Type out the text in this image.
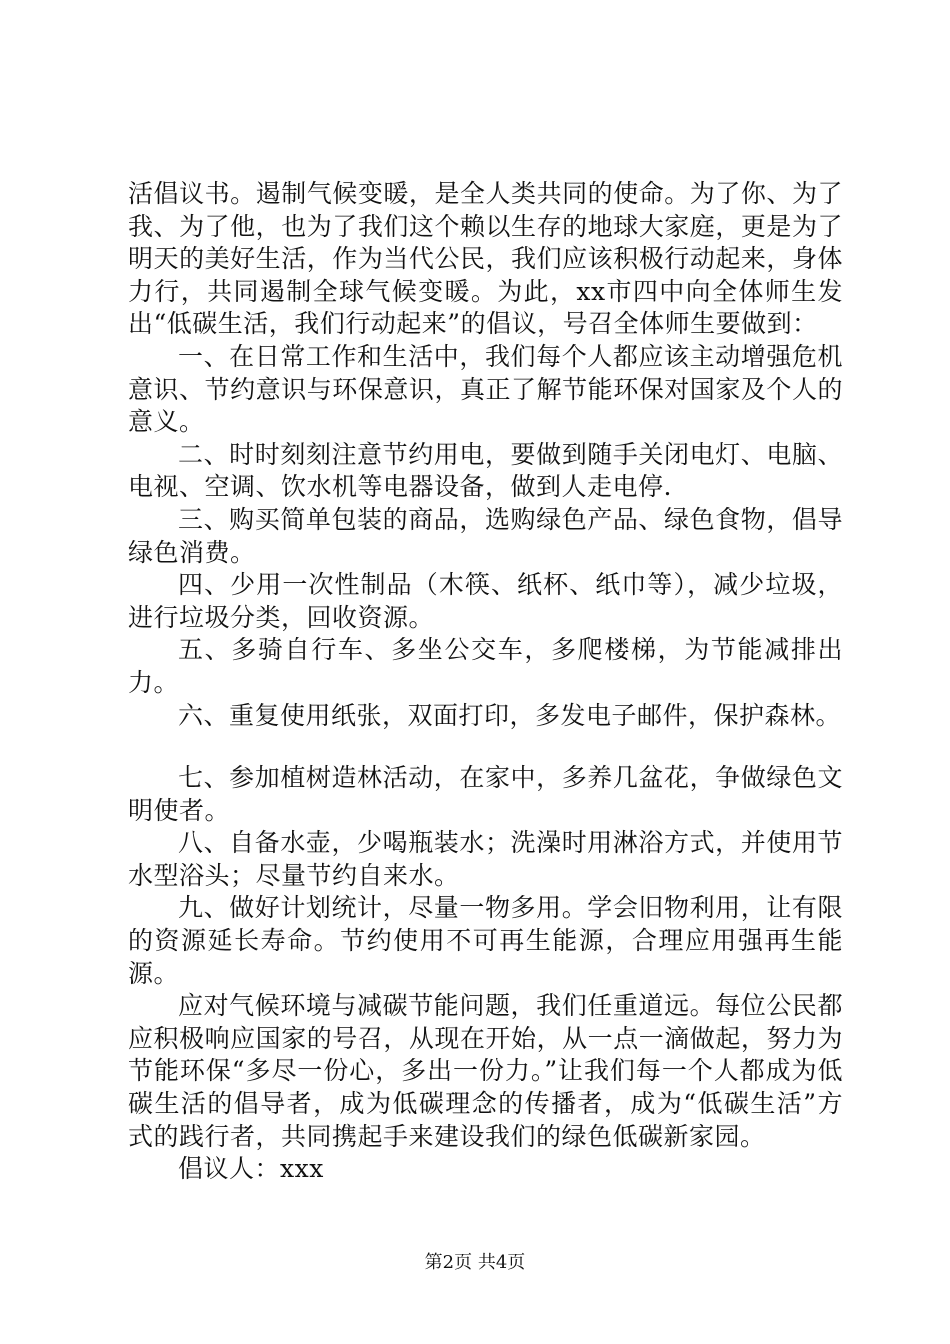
活倡议书。遏制气候变暖，是全人类共同的使命。为了你、为了我、为了他，也为了我们这个赖以生存的地球大家庭，更是为了明天的美好生活，作为当代公民，我们应该积极行动起来，身体力行，共同遏制全球气候变暖。为此，xx市四中向全体师生发出“低碳生活，我们行动起来”的倡议，号召全体师生要做到：

一、在日常工作和生活中，我们每个人都应该主动增强危机意识、节约意识与环保意识，真正了解节能环保对国家及个人的意义。

二、时时刻刻注意节约用电，要做到随手关闭电灯、电脑、电视、空调、饮水机等电器设备，做到人走电停.

三、购买简单包装的商品，选购绿色产品、绿色食物，倡导绿色消费。

四、少用一次性制品（木筷、纸杯、纸巾等），减少垃圾，进行垃圾分类，回收资源。

五、多骑自行车、多坐公交车，多爬楼梯，为节能减排出力。

六、重复使用纸张，双面打印，多发电子邮件，保护森林。

七、参加植树造林活动，在家中，多养几盆花，争做绿色文明使者。

八、自备水壶，少喝瓶装水；洗澡时用淋浴方式，并使用节水型浴头；尽量节约自来水。

九、做好计划统计，尽量一物多用。学会旧物利用，让有限的资源延长寿命。节约使用不可再生能源，合理应用强再生能源。

应对气候环境与减碳节能问题，我们任重道远。每位公民都应积极响应国家的号召，从现在开始，从一点一滴做起，努力为节能环保“多尽一份心，多出一份力。”让我们每一个人都成为低碳生活的倡导者，成为低碳理念的传播者，成为“低碳生活”方式的践行者，共同携起手来建设我们的绿色低碳新家园。

倡议人：xxx

第2页 共4页
